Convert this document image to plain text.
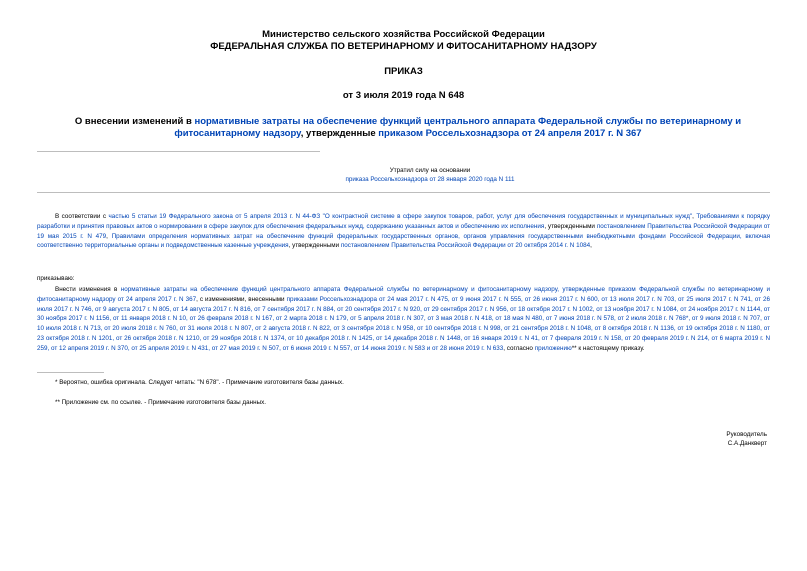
Министерство сельского хозяйства Российской Федерации
ФЕДЕРАЛЬНАЯ СЛУЖБА ПО ВЕТЕРИНАРНОМУ И ФИТОСАНИТАРНОМУ НАДЗОРУ
ПРИКАЗ
от 3 июля 2019 года N 648
О внесении изменений в нормативные затраты на обеспечение функций центрального аппарата Федеральной службы по ветеринарному и фитосанитарному надзору, утвержденные приказом Россельхознадзора от 24 апреля 2017 г. N 367
Утратил силу на основании
приказа Россельхознадзора от 28 января 2020 года N 111
В соответствии с частью 5 статьи 19 Федерального закона от 5 апреля 2013 г. N 44-ФЗ "О контрактной системе в сфере закупок товаров, работ, услуг для обеспечения государственных и муниципальных нужд", Требованиями к порядку разработки и принятия правовых актов о нормировании в сфере закупок для обеспечения федеральных нужд, содержанию указанных актов и обеспечению их исполнения, утвержденными постановлением Правительства Российской Федерации от 19 мая 2015 г. N 479, Правилами определения нормативных затрат на обеспечение функций федеральных государственных органов, органов управления государственными внебюджетными фондами Российской Федерации, включая соответственно территориальные органы и подведомственные казенные учреждения, утвержденными постановлением Правительства Российской Федерации от 20 октября 2014 г. N 1084,
приказываю:
Внести изменения в нормативные затраты на обеспечение функций центрального аппарата Федеральной службы по ветеринарному и фитосанитарному надзору, утвержденные приказом Федеральной службы по ветеринарному и фитосанитарному надзору от 24 апреля 2017 г. N 367, с изменениями, внесенными приказами Россельхознадзора от 24 мая 2017 г. N 475, от 9 июня 2017 г. N 555, от 26 июня 2017 г. N 600, от 13 июля 2017 г. N 703, от 25 июля 2017 г. N 741, от 26 июля 2017 г. N 746, от 9 августа 2017 г. N 805, от 14 августа 2017 г. N 816, от 7 сентября 2017 г. N 884, от 20 сентября 2017 г. N 920, от 29 сентября 2017 г. N 956, от 18 октября 2017 г. N 1002, от 13 ноября 2017 г. N 1084, от 24 ноября 2017 г. N 1144, от 30 ноября 2017 г. N 1156, от 11 января 2018 г. N 10, от 26 февраля 2018 г. N 167, от 2 марта 2018 г. N 179, от 5 апреля 2018 г. N 307, от 3 мая 2018 г. N 418, от 18 мая N 480, от 7 июня 2018 г. N 578, от 2 июля 2018 г. N 768*, от 9 июля 2018 г. N 707, от 10 июля 2018 г. N 713, от 20 июля 2018 г. N 760, от 31 июля 2018 г. N 807, от 2 августа 2018 г. N 822, от 3 сентября 2018 г. N 958, от 10 сентября 2018 г. N 998, от 21 сентября 2018 г. N 1048, от 8 октября 2018 г. N 1136, от 19 октября 2018 г. N 1180, от 23 октября 2018 г. N 1201, от 26 октября 2018 г. N 1210, от 29 ноября 2018 г. N 1374, от 10 декабря 2018 г. N 1425, от 14 декабря 2018 г. N 1448, от 16 января 2019 г. N 41, от 7 февраля 2019 г. N 158, от 20 февраля 2019 г. N 214, от 6 марта 2019 г. N 259, от 12 апреля 2019 г. N 370, от 25 апреля 2019 г. N 431, от 27 мая 2019 г. N 507, от 6 июня 2019 г. N 557, от 14 июня 2019 г. N 583 и от 28 июня 2019 г. N 633, согласно приложению** к настоящему приказу.
* Вероятно, ошибка оригинала. Следует читать: "N 678". - Примечание изготовителя базы данных.
** Приложение см. по ссылке. - Примечание изготовителя базы данных.
Руководитель
С.А.Данкверт
